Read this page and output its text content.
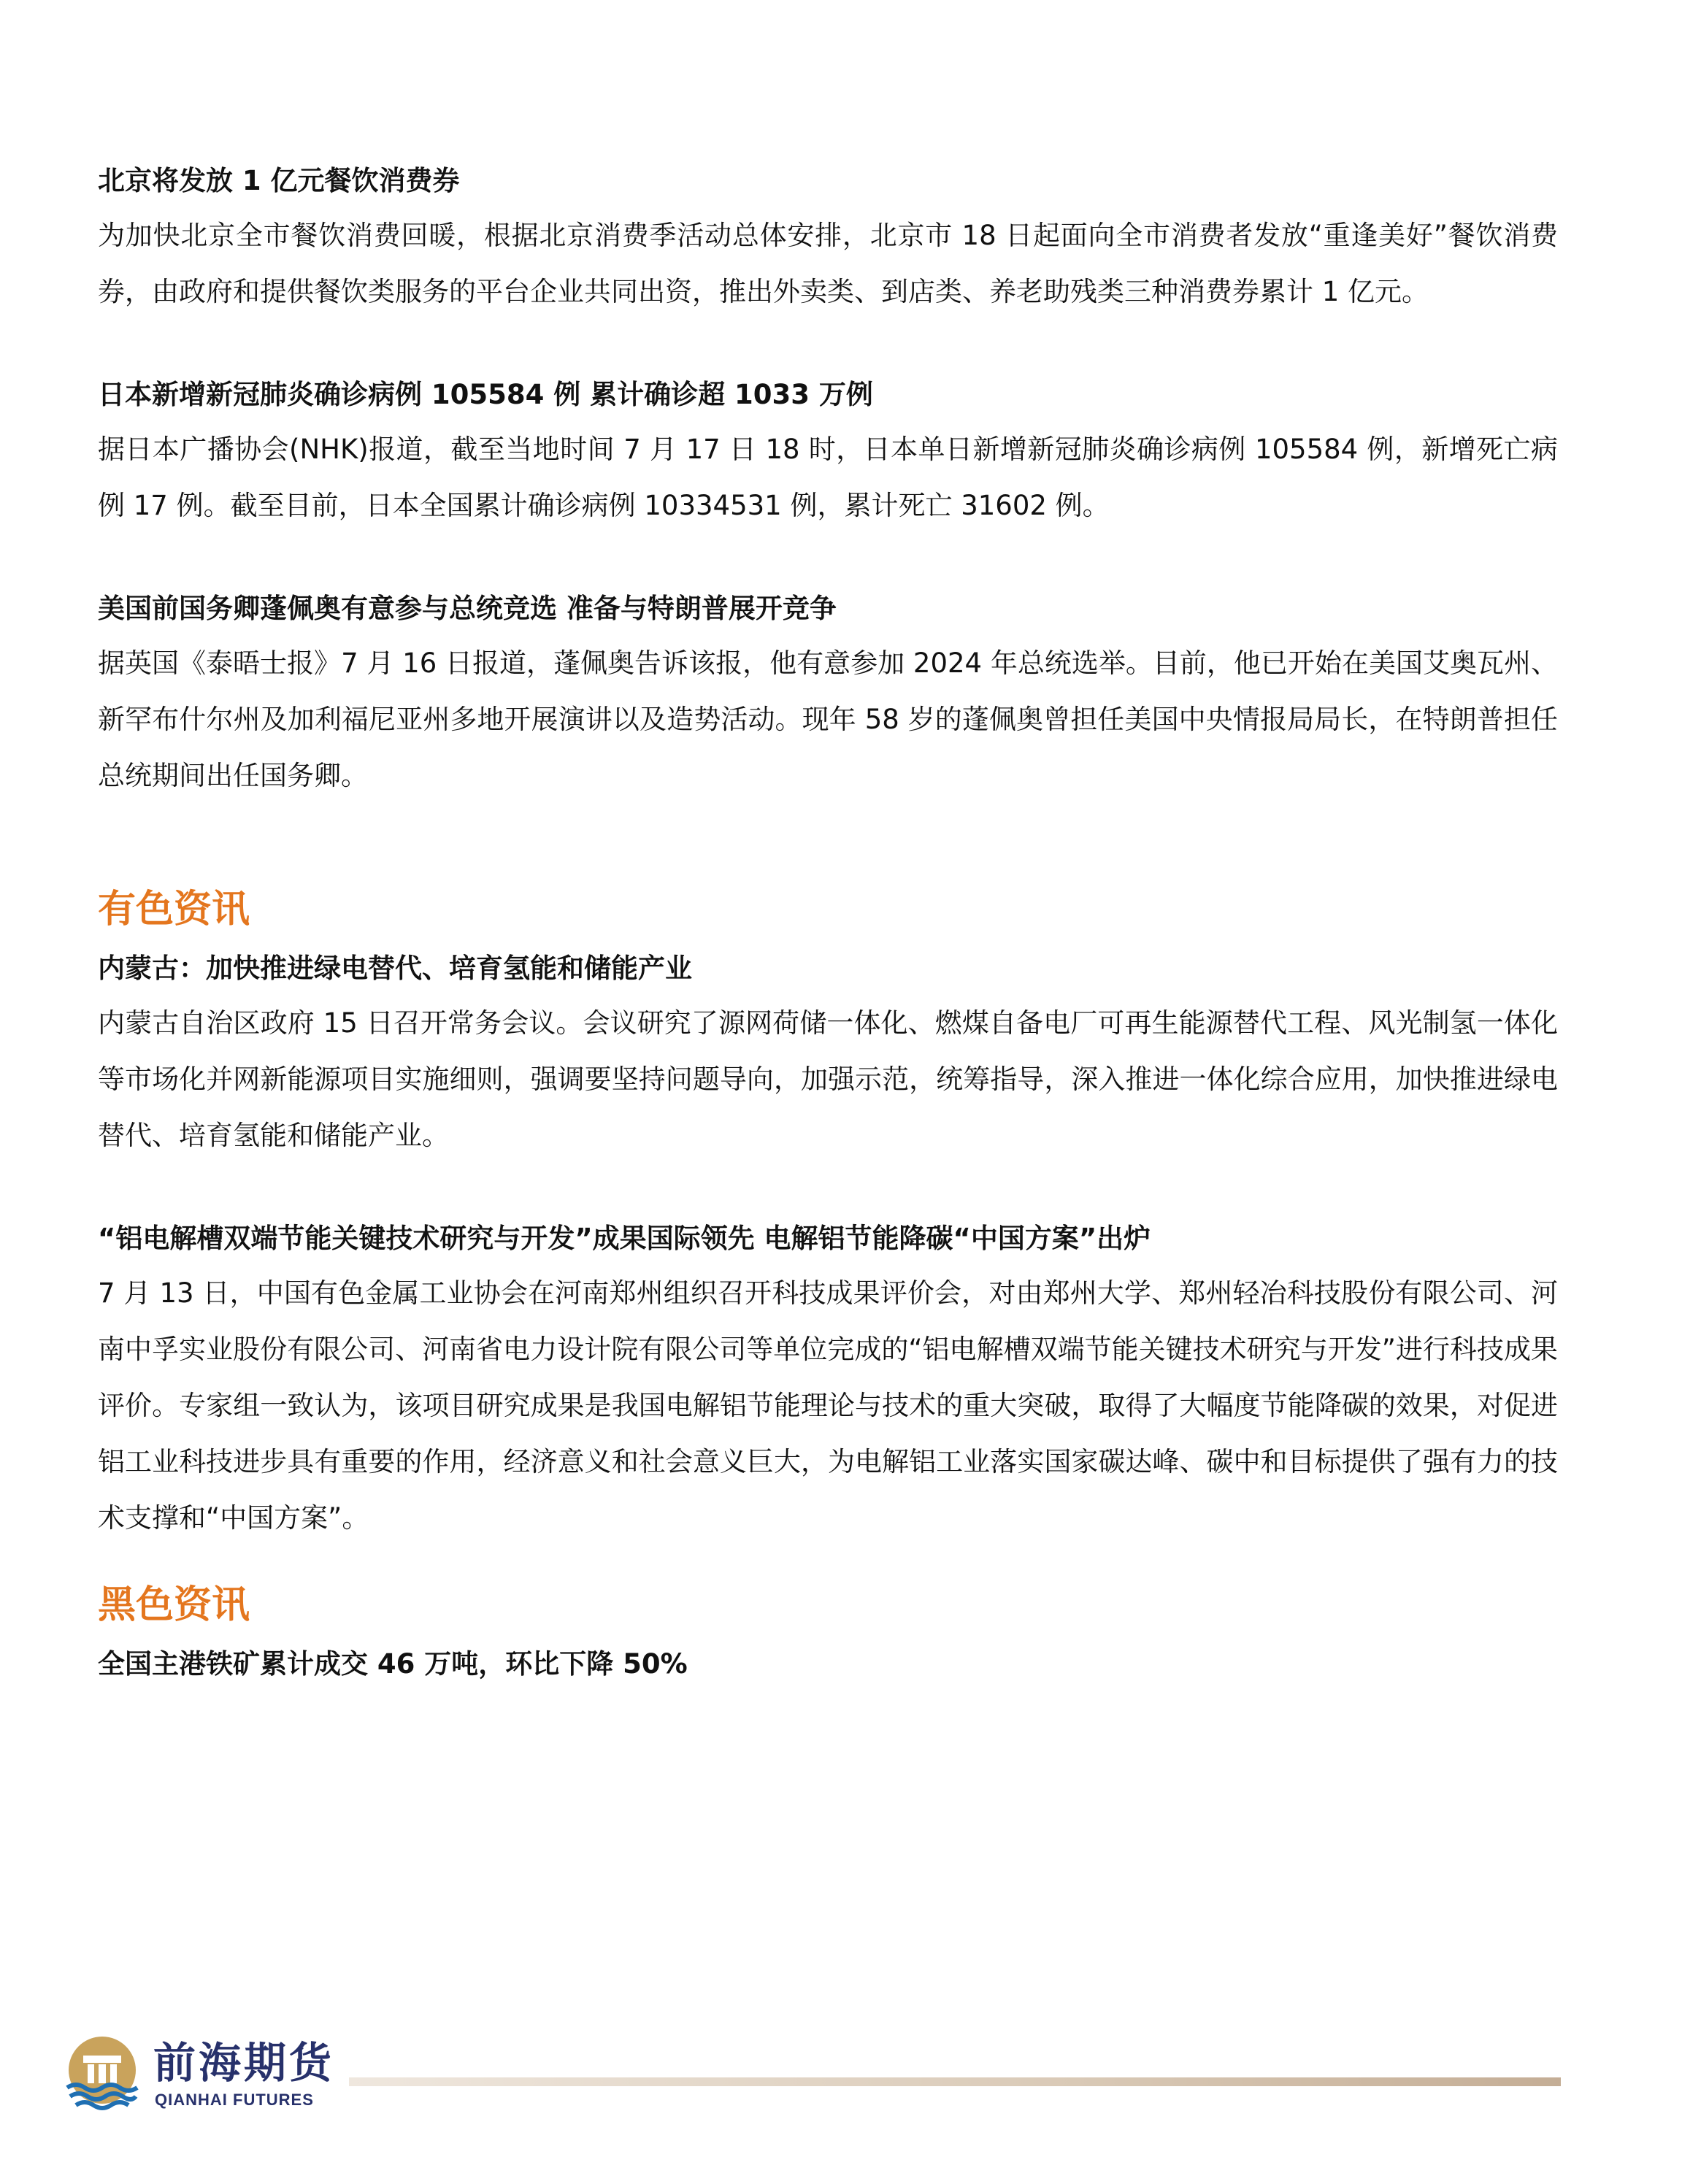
北京将发放 1 亿元餐饮消费券

为加快北京全市餐饮消费回暖，根据北京消费季活动总体安排，北京市 18 日起面向全市消费者发放“重逢美好”餐饮消费券，由政府和提供餐饮类服务的平台企业共同出资，推出外卖类、到店类、养老助残类三种消费券累计 1 亿元。

日本新增新冠肺炎确诊病例 105584 例 累计确诊超 1033 万例

据日本广播协会(NHK)报道，截至当地时间 7 月 17 日 18 时，日本单日新增新冠肺炎确诊病例 105584 例，新增死亡病例 17 例。截至目前，日本全国累计确诊病例 10334531 例，累计死亡 31602 例。

美国前国务卿蓬佩奥有意参与总统竞选 准备与特朗普展开竞争

据英国《泰晤士报》7 月 16 日报道，蓬佩奥告诉该报，他有意参加 2024 年总统选举。目前，他已开始在美国艾奥瓦州、新罕布什尔州及加利福尼亚州多地开展演讲以及造势活动。现年 58 岁的蓬佩奥曾担任美国中央情报局局长，在特朗普担任总统期间出任国务卿。

有色资讯

内蒙古：加快推进绿电替代、培育氢能和储能产业

内蒙古自治区政府 15 日召开常务会议。会议研究了源网荷储一体化、燃煤自备电厂可再生能源替代工程、风光制氢一体化等市场化并网新能源项目实施细则，强调要坚持问题导向，加强示范，统筹指导，深入推进一体化综合应用，加快推进绿电替代、培育氢能和储能产业。

“铝电解槽双端节能关键技术研究与开发”成果国际领先 电解铝节能降碳“中国方案”出炉

7 月 13 日，中国有色金属工业协会在河南郑州组织召开科技成果评价会，对由郑州大学、郑州轻冶科技股份有限公司、河南中孚实业股份有限公司、河南省电力设计院有限公司等单位完成的“铝电解槽双端节能关键技术研究与开发”进行科技成果评价。专家组一致认为，该项目研究成果是我国电解铝节能理论与技术的重大突破，取得了大幅度节能降碳的效果，对促进铝工业科技进步具有重要的作用，经济意义和社会意义巨大，为电解铝工业落实国家碳达峰、碳中和目标提供了强有力的技术支撑和“中国方案”。

黑色资讯

全国主港铁矿累计成交 46 万吨，环比下降 50%

前海期货
QIANHAI FUTURES
